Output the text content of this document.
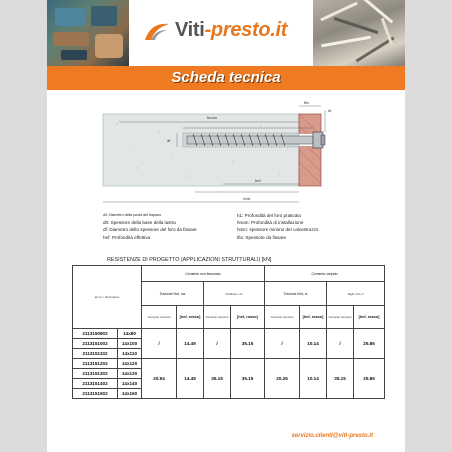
Viti-presto.it
Scheda tecnica
hnom
tfix
dt
df
hef
hmin
d0: Diametro della punta del trapano
d0: Spessore della base della lastra
df: Diametro dello spessore del foro da fissare
hef: Profondità effettiva
h1: Profondità del foro praticato
hnom: Profondità di installazione
hmin: spessore minimo del calcestruzzo
tfix: Spessore da fissare
RESISTENZE DI PROGETTO (APPLICAZIONI STRUTTURALI) [kN]
art.no. / dimensione		Cemento non fessurato				Cemento crepato			
		Trazione Nrd, ucr		Vrd Rinuc, ucr		Trazione Nrd, cr		Taglio Vrd, cr	
		Cemento cemento	[hef, rosso]	Cemento cemento	[hef, rosso]	Cemento cemento	[hef, rosso]	Cemento cemento	[hef, rosso]
2113150802	14x80	/	14.49	/	35.15	/	10.14	/	25.86
2113151002	14x100								
2113151102	14x110								
2113151202	14x120	20.94	14.49	35.15	35.15	20.26	10.14	35.15	25.86
2113151302	14x130								
2113151402	14x140								
2113151602	14x160								
servizio.clienti@viti-presto.it
